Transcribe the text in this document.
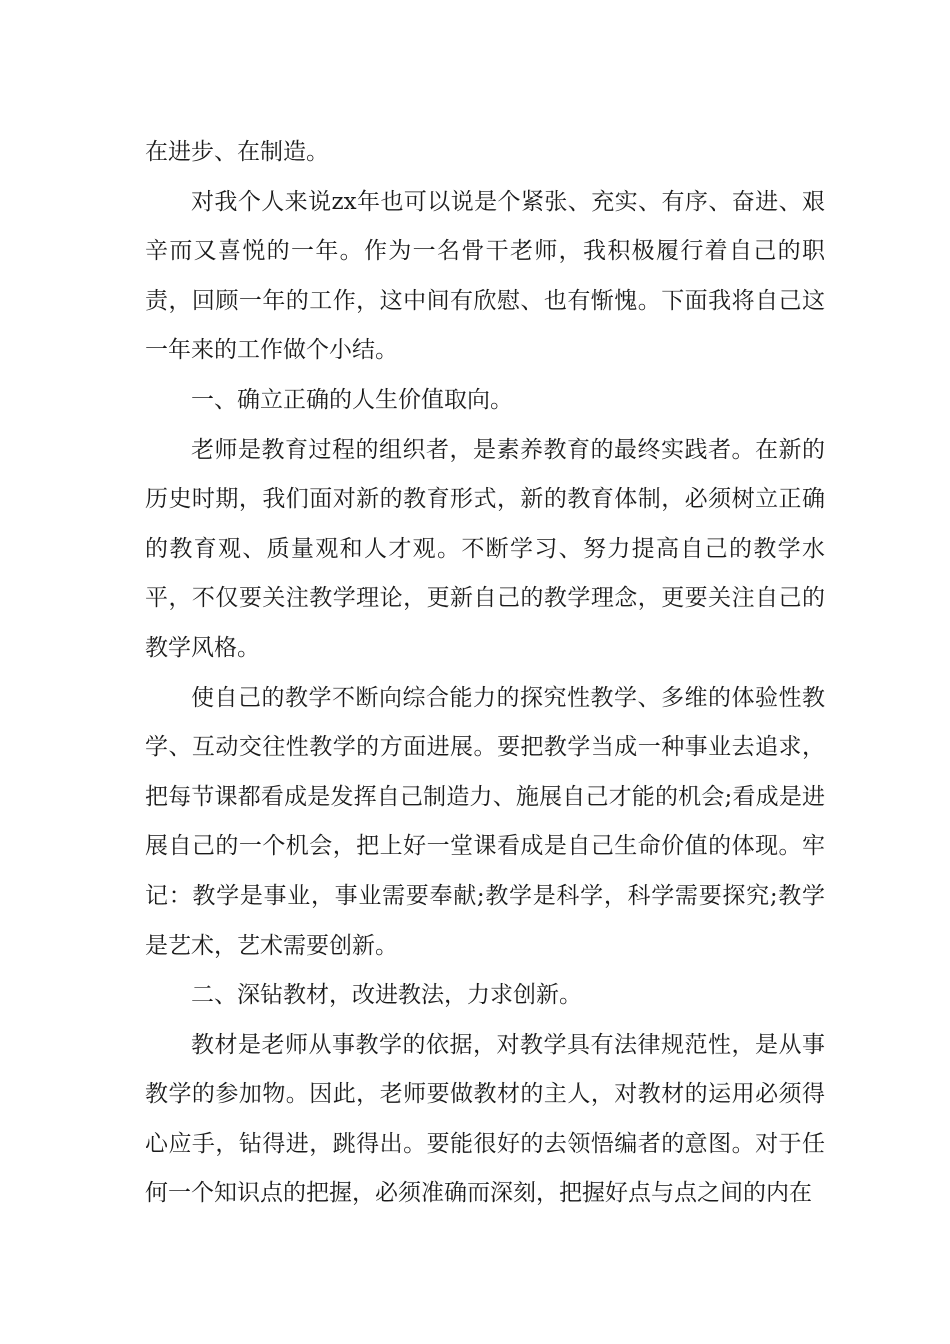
在进步、在制造。

对我个人来说zx年也可以说是个紧张、充实、有序、奋进、艰辛而又喜悦的一年。作为一名骨干老师，我积极履行着自己的职责，回顾一年的工作，这中间有欣慰、也有惭愧。下面我将自己这一年来的工作做个小结。

一、确立正确的人生价值取向。

老师是教育过程的组织者，是素养教育的最终实践者。在新的历史时期，我们面对新的教育形式，新的教育体制，必须树立正确的教育观、质量观和人才观。不断学习、努力提高自己的教学水平，不仅要关注教学理论，更新自己的教学理念，更要关注自己的教学风格。

使自己的教学不断向综合能力的探究性教学、多维的体验性教学、互动交往性教学的方面进展。要把教学当成一种事业去追求，把每节课都看成是发挥自己制造力、施展自己才能的机会;看成是进展自己的一个机会，把上好一堂课看成是自己生命价值的体现。牢记：教学是事业，事业需要奉献;教学是科学，科学需要探究;教学是艺术，艺术需要创新。

二、深钻教材，改进教法，力求创新。

教材是老师从事教学的依据，对教学具有法律规范性，是从事教学的参加物。因此，老师要做教材的主人，对教材的运用必须得心应手，钻得进，跳得出。要能很好的去领悟编者的意图。对于任何一个知识点的把握，必须准确而深刻，把握好点与点之间的内在
